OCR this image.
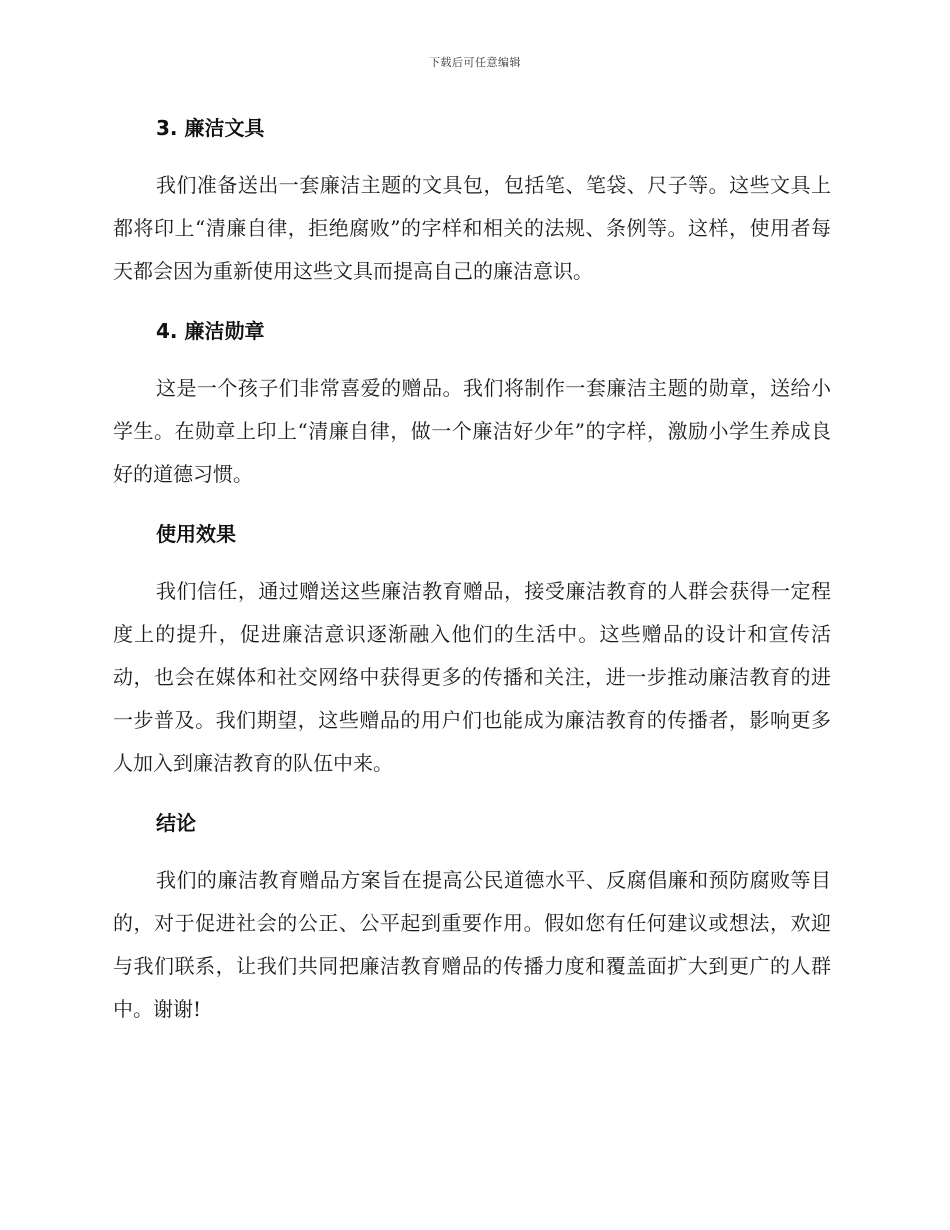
下载后可任意编辑
3. 廉洁文具

我们准备送出一套廉洁主题的文具包，包括笔、笔袋、尺子等。这些文具上都将印上“清廉自律，拒绝腐败”的字样和相关的法规、条例等。这样，使用者每天都会因为重新使用这些文具而提高自己的廉洁意识。

4. 廉洁勋章

这是一个孩子们非常喜爱的赠品。我们将制作一套廉洁主题的勋章，送给小学生。在勋章上印上“清廉自律，做一个廉洁好少年”的字样，激励小学生养成良好的道德习惯。

使用效果

我们信任，通过赠送这些廉洁教育赠品，接受廉洁教育的人群会获得一定程度上的提升，促进廉洁意识逐渐融入他们的生活中。这些赠品的设计和宣传活动，也会在媒体和社交网络中获得更多的传播和关注，进一步推动廉洁教育的进一步普及。我们期望，这些赠品的用户们也能成为廉洁教育的传播者，影响更多人加入到廉洁教育的队伍中来。

结论

我们的廉洁教育赠品方案旨在提高公民道德水平、反腐倡廉和预防腐败等目的，对于促进社会的公正、公平起到重要作用。假如您有任何建议或想法，欢迎与我们联系，让我们共同把廉洁教育赠品的传播力度和覆盖面扩大到更广的人群中。谢谢!
